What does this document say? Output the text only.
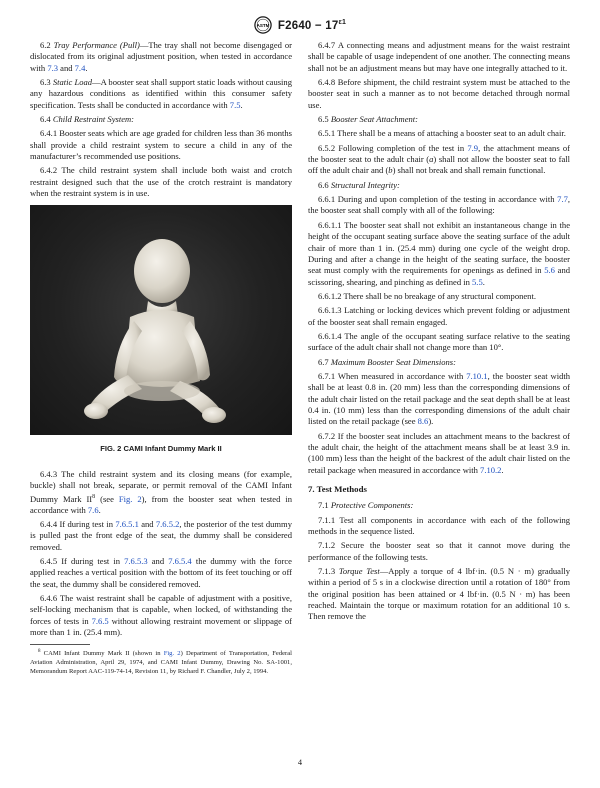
ASTM $F2640 - 17^{\varepsilon 1}$

6.2 Tray Performance (Pull)—The tray shall not become disengaged or dislocated from its original adjustment position, when tested in accordance with 7.3 and 7.4.

6.3 Static Load—A booster seat shall support static loads without causing any hazardous conditions as identified within this consumer safety specification. Tests shall be conducted in accordance with 7.5.

6.4 Child Restraint System:

6.4.1 Booster seats which are age graded for children less than 36 months shall provide a child restraint system to secure a child in any of the manufacturer’s recommended use positions.

6.4.2 The child restraint system shall include both waist and crotch restraint designed such that the use of the crotch restraint is mandatory when the restraint system is in use.

FIG. 2 CAMI Infant Dummy Mark II

6.4.3 The child restraint system and its closing means (for example, buckle) shall not break, separate, or permit removal of the CAMI Infant Dummy Mark $II^8$ (see Fig. 2), from the booster seat when tested in accordance with 7.6.

6.4.4 If during test in 7.6.5.1 and 7.6.5.2, the posterior of the test dummy is pulled past the front edge of the seat, the dummy shall be considered removed.

6.4.5 If during test in 7.6.5.3 and 7.6.5.4 the dummy with the force applied reaches a vertical position with the bottom of its feet touching or off the seat, the dummy shall be considered removed.

6.4.6 The waist restraint shall be capable of adjustment with a positive, self-locking mechanism that is capable, when locked, of withstanding the forces of tests in 7.6.5 without allowing restraint movement or slippage of more than 1 in. (25.4 mm).

$^8$ CAMI Infant Dummy Mark II (shown in Fig. 2) Department of Transportation, Federal Aviation Administration, April 29, 1974, and CAMI Infant Dummy, Drawing No. SA-1001, Memorandum Report AAC-119-74-14, Revision 11, by Richard F. Chandler, July 2, 1994.

6.4.7 A connecting means and adjustment means for the waist restraint shall be capable of usage independent of one another. The connecting means shall not be an adjustment means but may have one integrally attached to it.

6.4.8 Before shipment, the child restraint system must be attached to the booster seat in such a manner as to not become detached through normal use.

6.5 Booster Seat Attachment:

6.5.1 There shall be a means of attaching a booster seat to an adult chair.

6.5.2 Following completion of the test in 7.9, the attachment means of the booster seat to the adult chair (a) shall not allow the booster seat to fall off the adult chair and (b) shall not break and shall remain functional.

6.6 Structural Integrity:

6.6.1 During and upon completion of the testing in accordance with 7.7, the booster seat shall comply with all of the following:

6.6.1.1 The booster seat shall not exhibit an instantaneous change in the height of the occupant seating surface above the seating surface of the adult chair of more than 1 in. (25.4 mm) during one cycle of the weight drop. During and after a change in the height of the seating surface, the booster seat must comply with the requirements for openings as defined in 5.6 and scissoring, shearing, and pinching as defined in 5.5.

6.6.1.2 There shall be no breakage of any structural component.

6.6.1.3 Latching or locking devices which prevent folding or adjustment of the booster seat shall remain engaged.

6.6.1.4 The angle of the occupant seating surface relative to the seating surface of the adult chair shall not change more than 10°.

6.7 Maximum Booster Seat Dimensions:

6.7.1 When measured in accordance with 7.10.1, the booster seat width shall be at least 0.8 in. (20 mm) less than the corresponding dimensions of the adult chair listed on the retail package and the seat depth shall be at least 0.4 in. (10 mm) less than the corresponding dimensions of the adult chair listed on the retail package (see 8.6).

6.7.2 If the booster seat includes an attachment means to the backrest of the adult chair, the height of the attachment means shall be at least 3.9 in. (100 mm) less than the height of the backrest of the adult chair listed on the retail package when measured in accordance with 7.10.2.

7. Test Methods

7.1 Protective Components:

7.1.1 Test all components in accordance with each of the following methods in the sequence listed.

7.1.2 Secure the booster seat so that it cannot move during the performance of the following tests.

7.1.3 Torque Test—Apply a torque of 4 lbf·in. (0.5 N · m) gradually within a period of 5 s in a clockwise direction until a rotation of 180° from the original position has been attained or 4 lbf·in. (0.5 N · m) has been reached. Maintain the torque or maximum rotation for an additional 10 s. Then remove the

4
